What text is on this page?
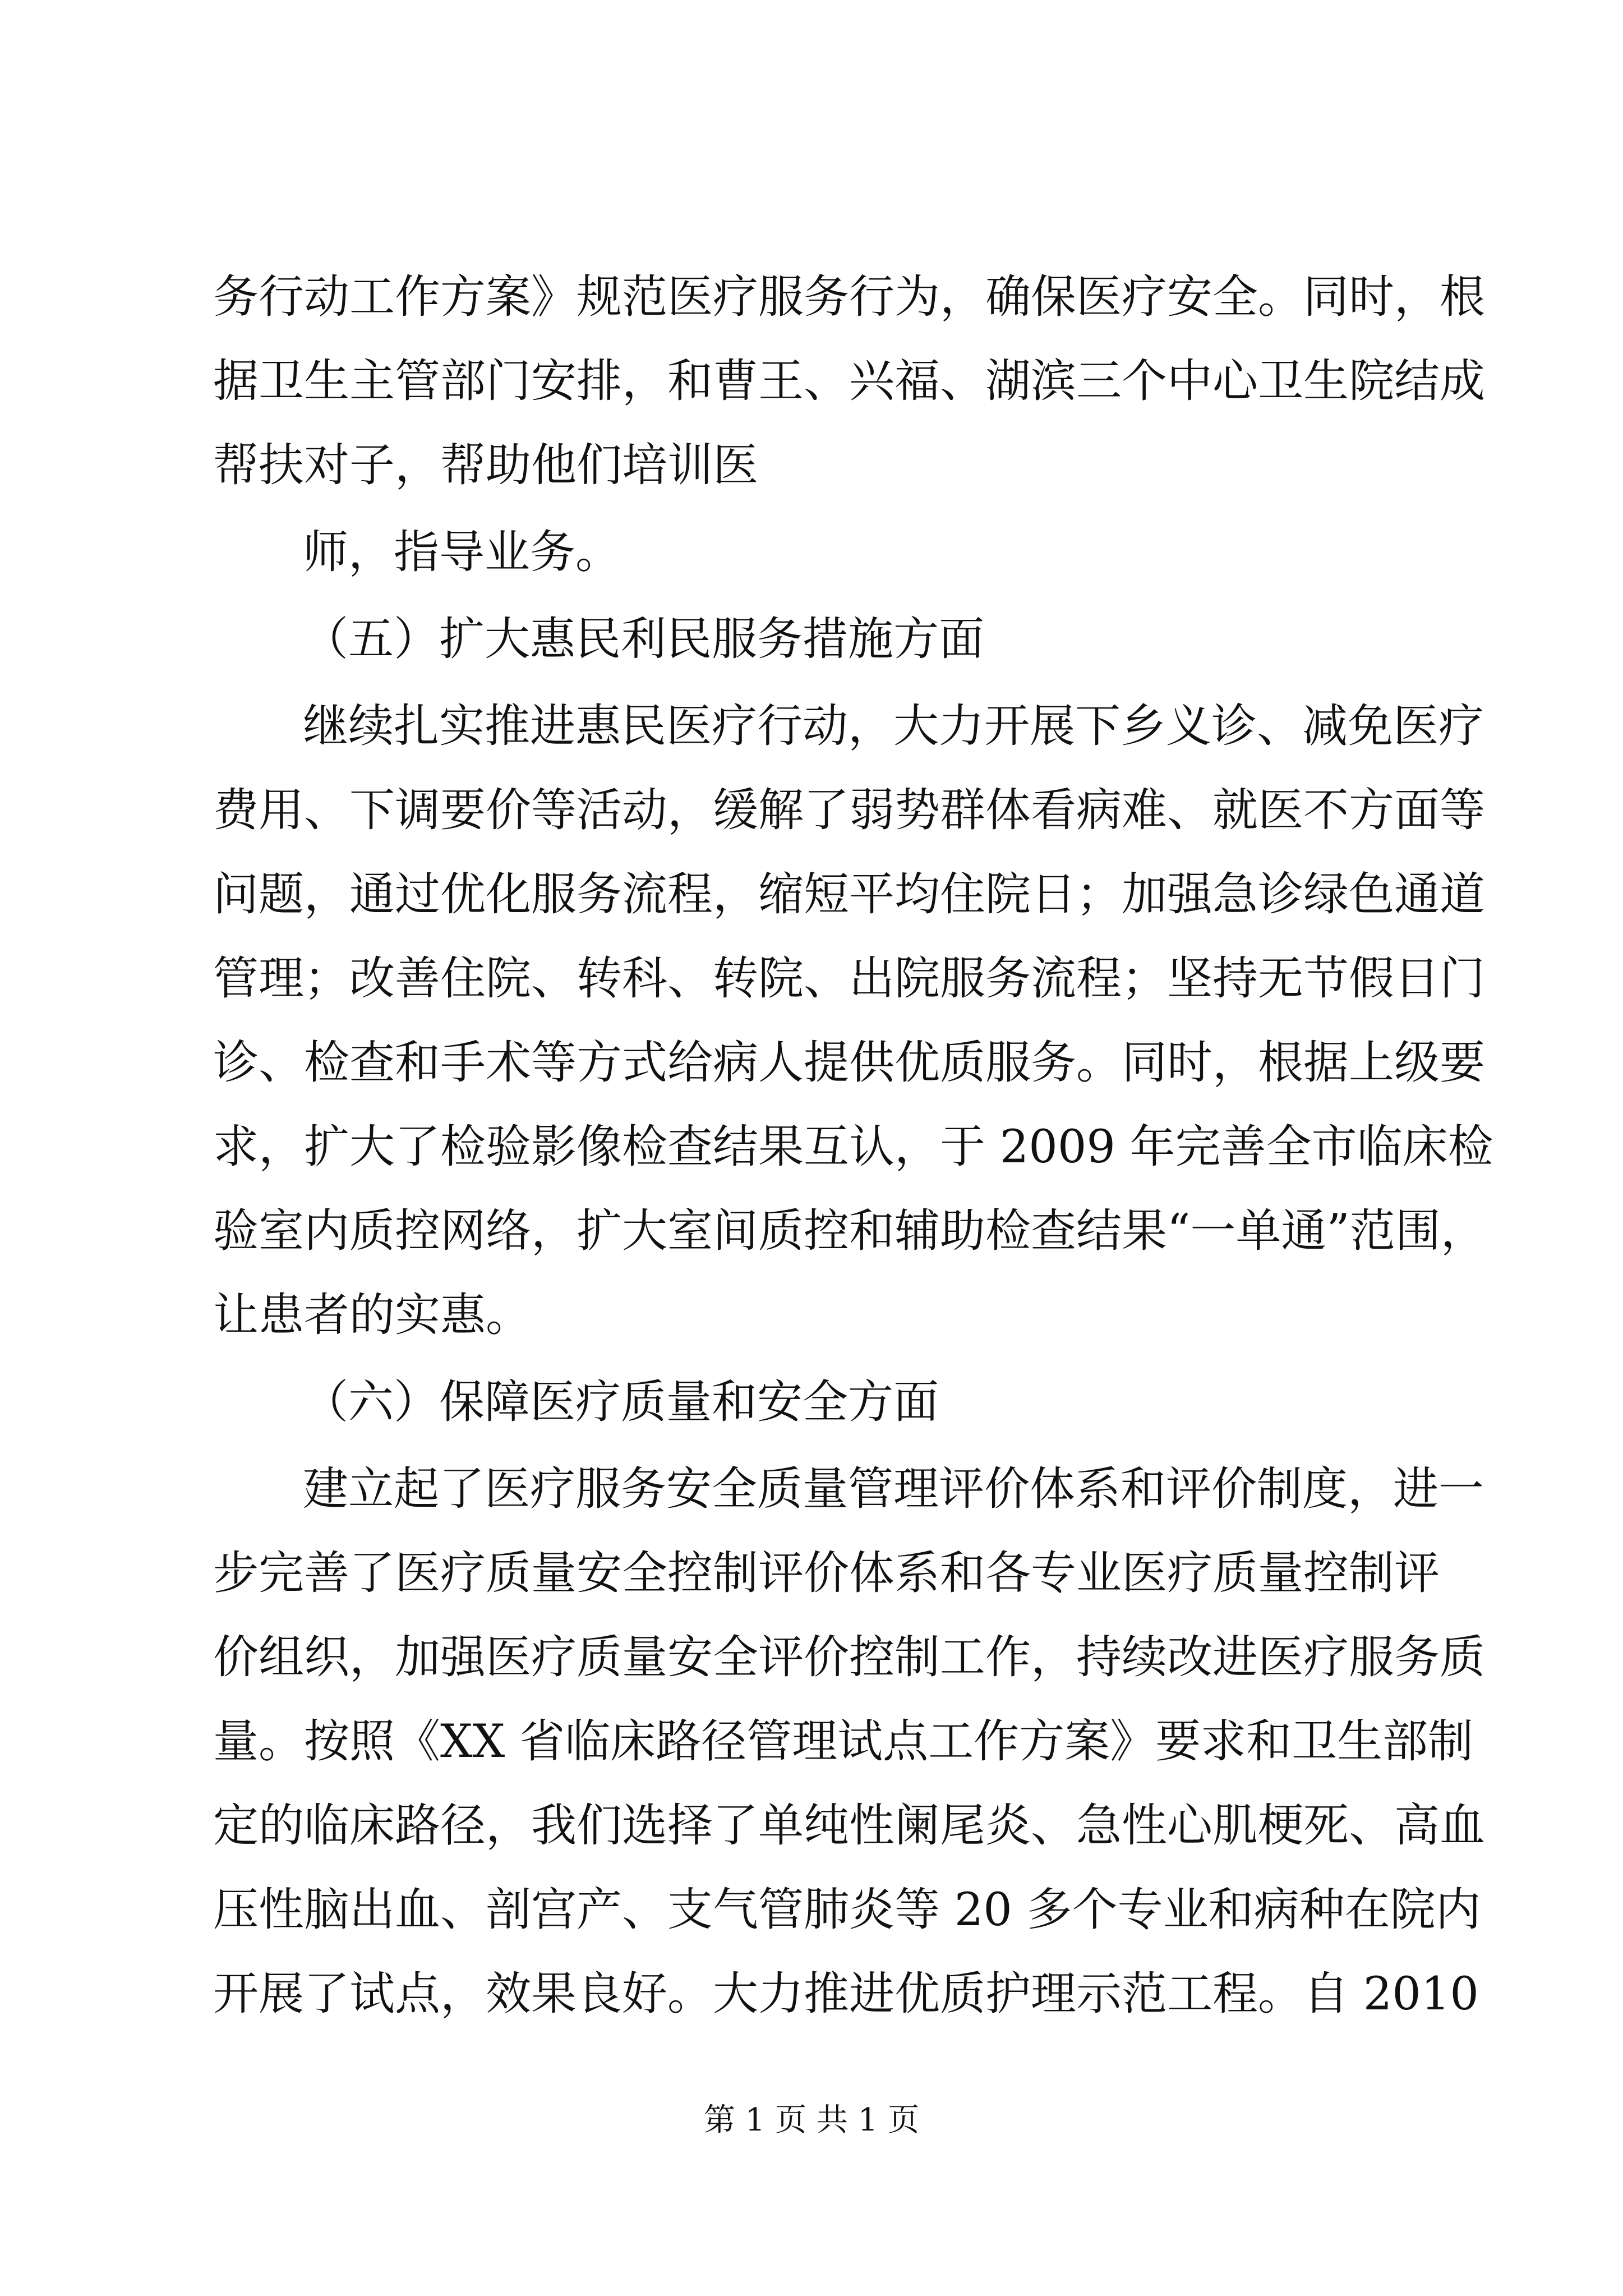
务行动工作方案》规范医疗服务行为，确保医疗安全。同时，根
据卫生主管部门安排，和曹王、兴福、湖滨三个中心卫生院结成
帮扶对子，帮助他们培训医
师，指导业务。
（五）扩大惠民利民服务措施方面
继续扎实推进惠民医疗行动，大力开展下乡义诊、减免医疗
费用、下调要价等活动，缓解了弱势群体看病难、就医不方面等
问题，通过优化服务流程，缩短平均住院日；加强急诊绿色通道
管理；改善住院、转科、转院、出院服务流程；坚持无节假日门
诊、检查和手术等方式给病人提供优质服务。同时，根据上级要
求，扩大了检验影像检查结果互认，于 2009 年完善全市临床检
验室内质控网络，扩大室间质控和辅助检查结果“一单通”范围，
让患者的实惠。
（六）保障医疗质量和安全方面
建立起了医疗服务安全质量管理评价体系和评价制度，进一
步完善了医疗质量安全控制评价体系和各专业医疗质量控制评
价组织，加强医疗质量安全评价控制工作，持续改进医疗服务质
量。按照《XX 省临床路径管理试点工作方案》要求和卫生部制
定的临床路径，我们选择了单纯性阑尾炎、急性心肌梗死、高血
压性脑出血、剖宫产、支气管肺炎等 20 多个专业和病种在院内
开展了试点，效果良好。大力推进优质护理示范工程。自 2010
第 1 页 共 1 页
